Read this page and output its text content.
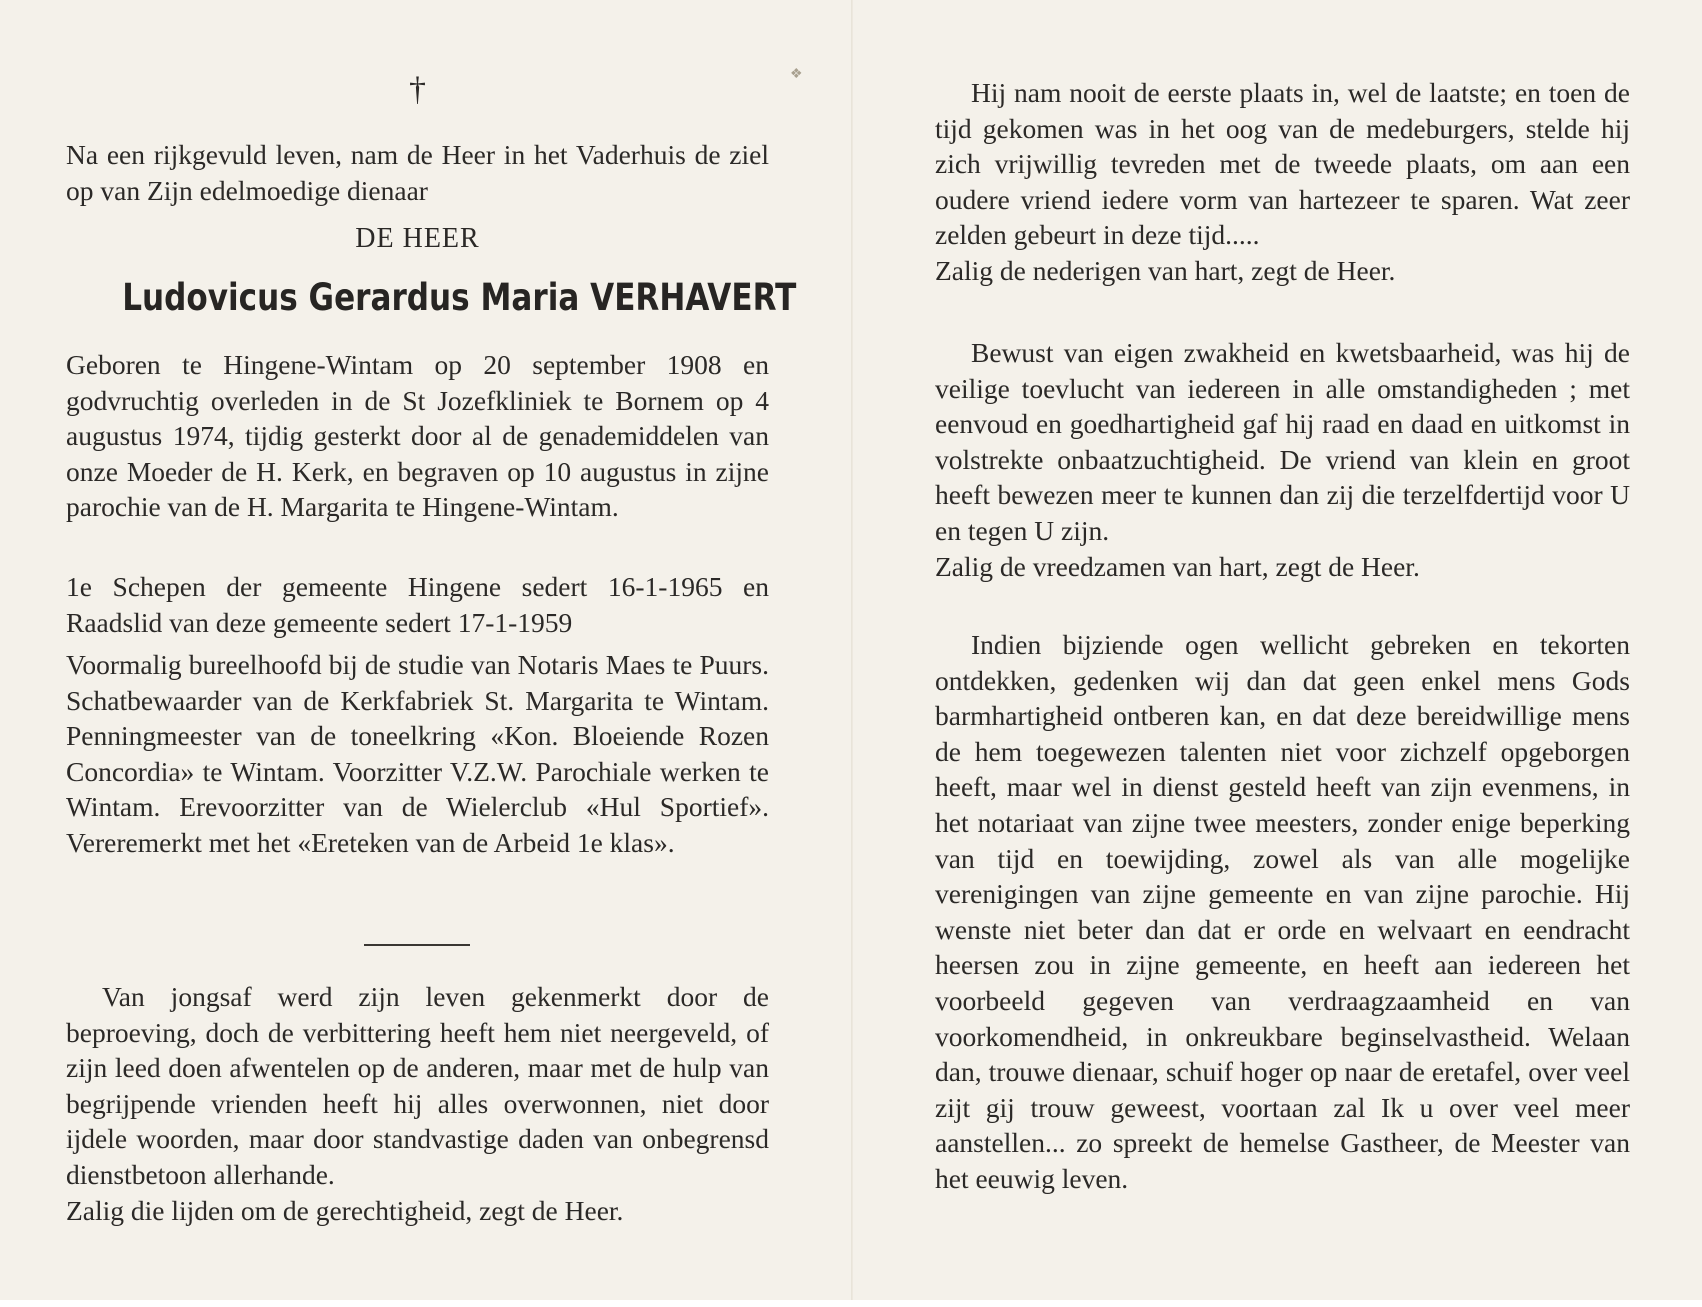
❖
†

Na een rijkgevuld leven, nam de Heer in het Vaderhuis de ziel op van Zijn edelmoedige dienaar

DE HEER
Ludovicus Gerardus Maria VERHAVERT

Geboren te Hingene-Wintam op 20 september 1908 en godvruchtig overleden in de St Jozefkliniek te Bornem op 4 augustus 1974, tijdig gesterkt door al de genademiddelen van onze Moeder de H. Kerk, en begraven op 10 augustus in zijne parochie van de H. Margarita te Hingene-Wintam.

1e Schepen der gemeente Hingene sedert 16-1-1965 en Raadslid van deze gemeente sedert 17-1-1959

Voormalig bureelhoofd bij de studie van Notaris Maes te Puurs. Schatbewaarder van de Kerkfabriek St. Margarita te Wintam. Penningmeester van de toneelkring «Kon. Bloeiende Rozen Concordia» te Wintam. Voorzitter V.Z.W. Parochiale werken te Wintam. Erevoorzitter van de Wielerclub «Hul Sportief». Vereremerkt met het «Ereteken van de Arbeid 1e klas».

Van jongsaf werd zijn leven gekenmerkt door de beproeving, doch de verbittering heeft hem niet neergeveld, of zijn leed doen afwentelen op de anderen, maar met de hulp van begrijpende vrienden heeft hij alles overwonnen, niet door ijdele woorden, maar door standvastige daden van onbegrensd dienstbetoon allerhande.

Zalig die lijden om de gerechtigheid, zegt de Heer.

Hij nam nooit de eerste plaats in, wel de laatste; en toen de tijd gekomen was in het oog van de medeburgers, stelde hij zich vrijwillig tevreden met de tweede plaats, om aan een oudere vriend iedere vorm van hartezeer te sparen. Wat zeer zelden gebeurt in deze tijd.....

Zalig de nederigen van hart, zegt de Heer.

Bewust van eigen zwakheid en kwetsbaarheid, was hij de veilige toevlucht van iedereen in alle omstandigheden ; met eenvoud en goedhartigheid gaf hij raad en daad en uitkomst in volstrekte onbaatzuchtigheid. De vriend van klein en groot heeft bewezen meer te kunnen dan zij die terzelfdertijd voor U en tegen U zijn.

Zalig de vreedzamen van hart, zegt de Heer.

Indien bijziende ogen wellicht gebreken en tekorten ontdekken, gedenken wij dan dat geen enkel mens Gods barmhartigheid ontberen kan, en dat deze bereidwillige mens de hem toegewezen talenten niet voor zichzelf opgeborgen heeft, maar wel in dienst gesteld heeft van zijn evenmens, in het notariaat van zijne twee meesters, zonder enige beperking van tijd en toewijding, zowel als van alle mogelijke verenigingen van zijne gemeente en van zijne parochie. Hij wenste niet beter dan dat er orde en welvaart en eendracht heersen zou in zijne gemeente, en heeft aan iedereen het voorbeeld gegeven van verdraagzaamheid en van voorkomendheid, in onkreukbare beginselvastheid. Welaan dan, trouwe dienaar, schuif hoger op naar de eretafel, over veel zijt gij trouw geweest, voortaan zal Ik u over veel meer aanstellen... zo spreekt de hemelse Gastheer, de Meester van het eeuwig leven.
